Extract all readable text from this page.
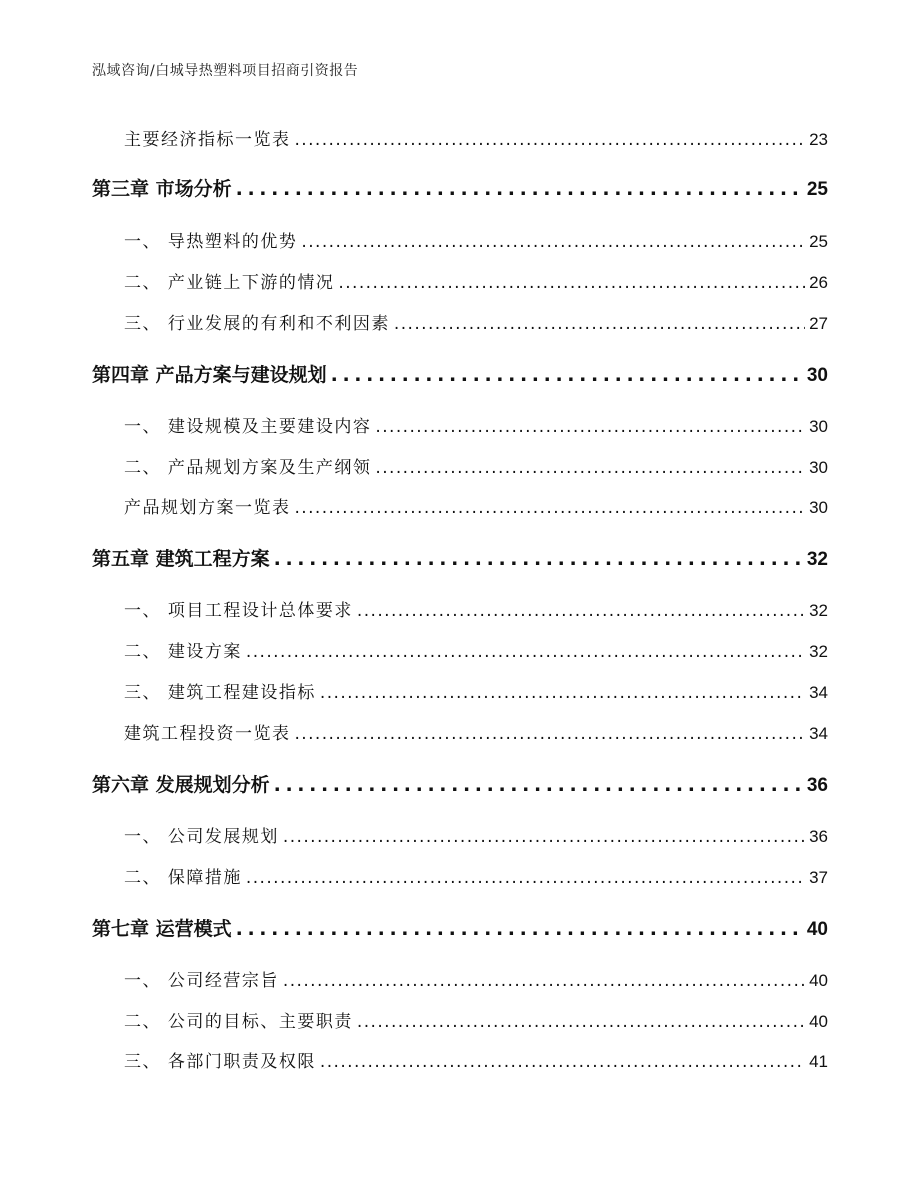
泓域咨询/白城导热塑料项目招商引资报告
主要经济指标一览表 . . .	23
第三章 市场分析 . . .	25
一、 导热塑料的优势 . . .	25
二、 产业链上下游的情况 . . .	26
三、 行业发展的有利和不利因素 . . .	27
第四章 产品方案与建设规划 . . .	30
一、 建设规模及主要建设内容 . . .	30
二、 产品规划方案及生产纲领 . . .	30
产品规划方案一览表 . . .	30
第五章 建筑工程方案 . . .	32
一、 项目工程设计总体要求 . . .	32
二、 建设方案 . . .	32
三、 建筑工程建设指标 . . .	34
建筑工程投资一览表 . . .	34
第六章 发展规划分析 . . .	36
一、 公司发展规划 . . .	36
二、 保障措施 . . .	37
第七章 运营模式 . . .	40
一、 公司经营宗旨 . . .	40
二、 公司的目标、主要职责 . . .	40
三、 各部门职责及权限 . . .	41
